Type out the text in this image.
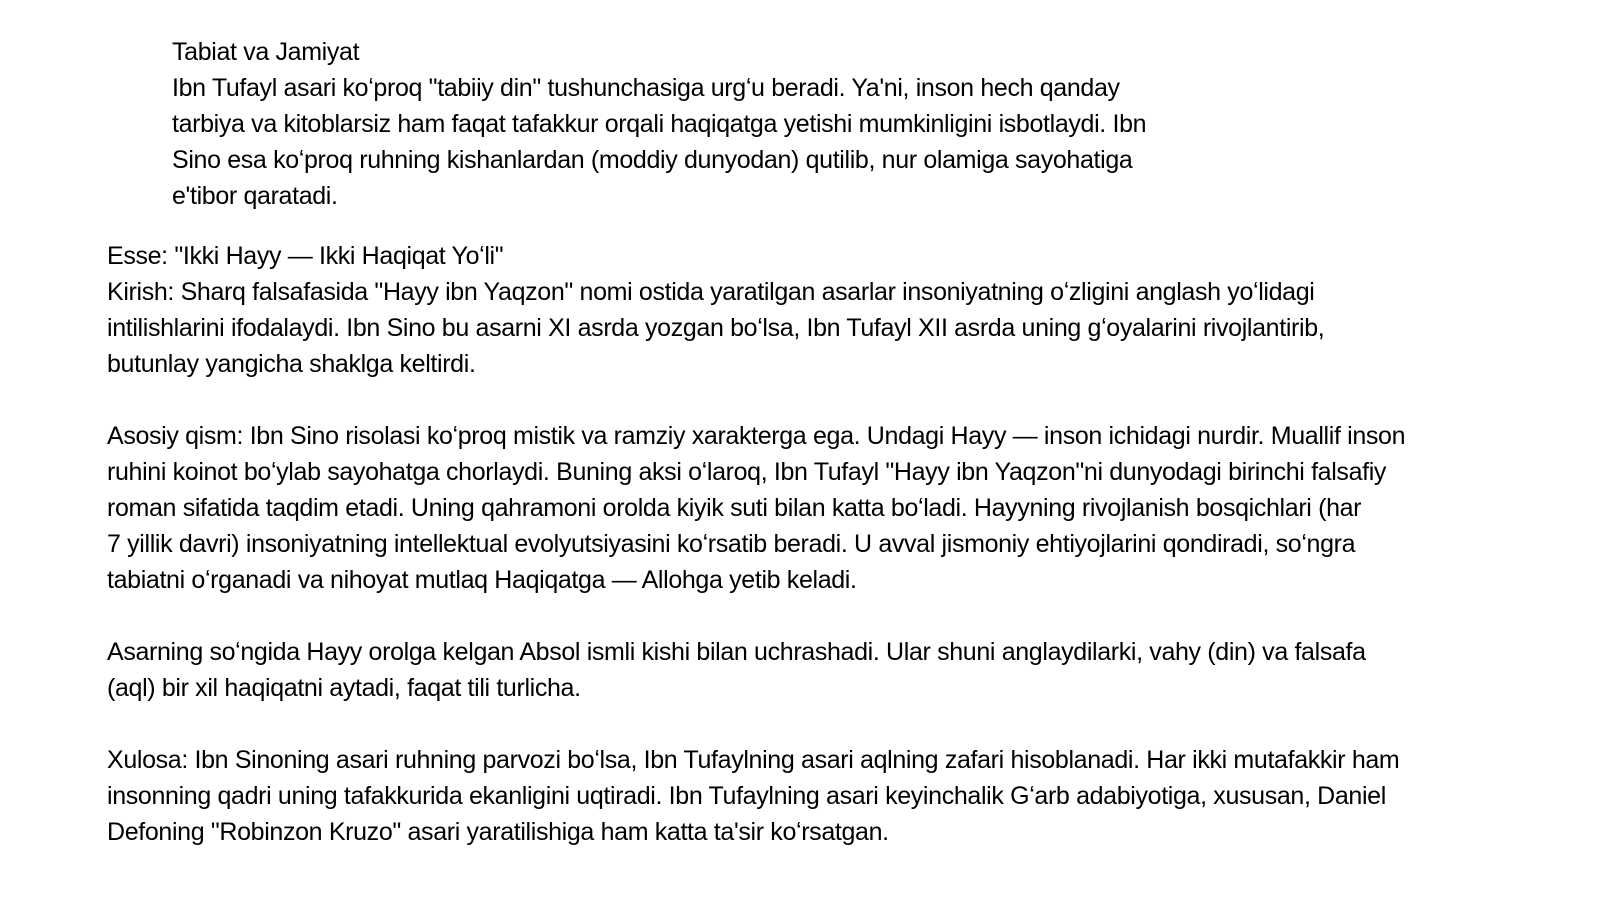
Tabiat va Jamiyat
Ibn Tufayl asari koʻproq "tabiiy din" tushunchasiga urgʻu beradi. Ya'ni, inson hech qanday
tarbiya va kitoblarsiz ham faqat tafakkur orqali haqiqatga yetishi mumkinligini isbotlaydi. Ibn
Sino esa koʻproq ruhning kishanlardan (moddiy dunyodan) qutilib, nur olamiga sayohatiga
e'tibor qaratadi.
Esse: "Ikki Hayy — Ikki Haqiqat Yoʻli"
Kirish: Sharq falsafasida "Hayy ibn Yaqzon" nomi ostida yaratilgan asarlar insoniyatning oʻzligini anglash yoʻlidagi
intilishlarini ifodalaydi. Ibn Sino bu asarni XI asrda yozgan boʻlsa, Ibn Tufayl XII asrda uning gʻoyalarini rivojlantirib,
butunlay yangicha shaklga keltirdi.
Asosiy qism: Ibn Sino risolasi koʻproq mistik va ramziy xarakterga ega. Undagi Hayy — inson ichidagi nurdir. Muallif inson
ruhini koinot boʻylab sayohatga chorlaydi. Buning aksi oʻlaroq, Ibn Tufayl "Hayy ibn Yaqzon"ni dunyodagi birinchi falsafiy
roman sifatida taqdim etadi. Uning qahramoni orolda kiyik suti bilan katta boʻladi. Hayyning rivojlanish bosqichlari (har
7 yillik davri) insoniyatning intellektual evolyutsiyasini koʻrsatib beradi. U avval jismoniy ehtiyojlarini qondiradi, soʻngra
tabiatni oʻrganadi va nihoyat mutlaq Haqiqatga — Allohga yetib keladi.
Asarning soʻngida Hayy orolga kelgan Absol ismli kishi bilan uchrashadi. Ular shuni anglaydilarki, vahy (din) va falsafa
(aql) bir xil haqiqatni aytadi, faqat tili turlicha.
Xulosa: Ibn Sinoning asari ruhning parvozi boʻlsa, Ibn Tufaylning asari aqlning zafari hisoblanadi. Har ikki mutafakkir ham
insonning qadri uning tafakkurida ekanligini uqtiradi. Ibn Tufaylning asari keyinchalik Gʻarb adabiyotiga, xususan, Daniel
Defoning "Robinzon Kruzo" asari yaratilishiga ham katta ta'sir koʻrsatgan.
